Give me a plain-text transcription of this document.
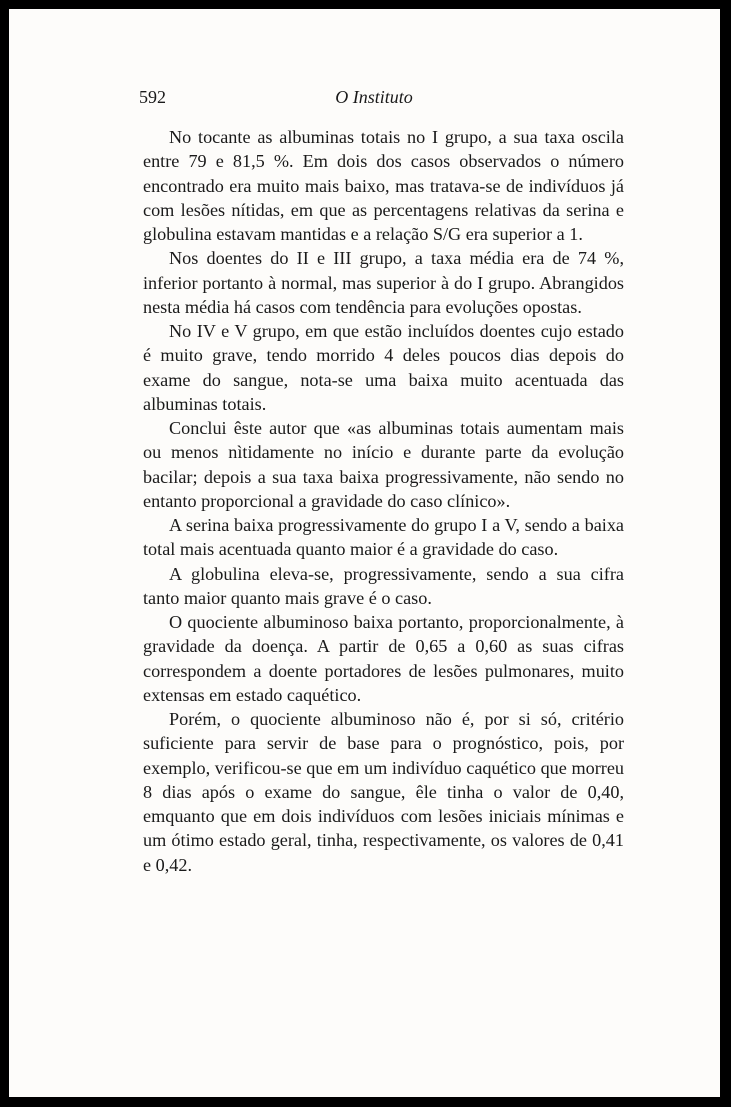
592	O Instituto

No tocante as albuminas totais no I grupo, a sua taxa oscila entre 79 e 81,5 %. Em dois dos casos observados o número encontrado era muito mais baixo, mas tratava-se de indivíduos já com lesões nítidas, em que as percentagens relativas da serina e globulina estavam mantidas e a relação S/G era superior a 1.

Nos doentes do II e III grupo, a taxa média era de 74 %, inferior portanto à normal, mas superior à do I grupo. Abrangidos nesta média há casos com tendência para evoluções opostas.

No IV e V grupo, em que estão incluídos doentes cujo estado é muito grave, tendo morrido 4 deles poucos dias depois do exame do sangue, nota-se uma baixa muito acentuada das albuminas totais.

Conclui êste autor que «as albuminas totais aumentam mais ou menos nìtidamente no início e durante parte da evolução bacilar; depois a sua taxa baixa progressivamente, não sendo no entanto proporcional a gravidade do caso clínico».

A serina baixa progressivamente do grupo I a V, sendo a baixa total mais acentuada quanto maior é a gravidade do caso.

A globulina eleva-se, progressivamente, sendo a sua cifra tanto maior quanto mais grave é o caso.

O quociente albuminoso baixa portanto, proporcionalmente, à gravidade da doença. A partir de 0,65 a 0,60 as suas cifras correspondem a doente portadores de lesões pulmonares, muito extensas em estado caquético.

Porém, o quociente albuminoso não é, por si só, critério suficiente para servir de base para o prognóstico, pois, por exemplo, verificou-se que em um indivíduo caquético que morreu 8 dias após o exame do sangue, êle tinha o valor de 0,40, emquanto que em dois indivíduos com lesões iniciais mínimas e um ótimo estado geral, tinha, respectivamente, os valores de 0,41 e 0,42.
